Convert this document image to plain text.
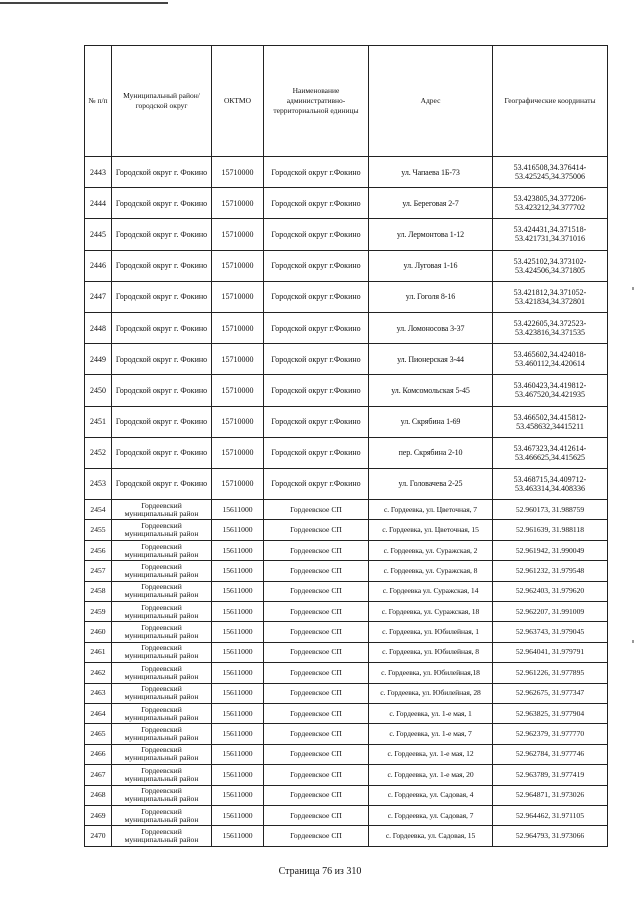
№ п/п	Муниципальный район/городской округ	ОКТМО	Наименование административно-территориальной единицы	Адрес	Географические координаты
2443	Городской округ г. Фокино	15710000	Городской округ г.Фокино	ул. Чапаева 1Б-73	53.416508,34.376414-53.425245,34.375006
2444	Городской округ г. Фокино	15710000	Городской округ г.Фокино	ул. Береговая 2-7	53.423805,34.377206-53.423212,34.377702
2445	Городской округ г. Фокино	15710000	Городской округ г.Фокино	ул. Лермонтова 1-12	53.424431,34.371518-53.421731,34.371016
2446	Городской округ г. Фокино	15710000	Городской округ г.Фокино	ул. Луговая 1-16	53.425102,34.373102-53.424506,34.371805
2447	Городской округ г. Фокино	15710000	Городской округ г.Фокино	ул. Гоголя 8-16	53.421812,34.371052-53.421834,34.372801
2448	Городской округ г. Фокино	15710000	Городской округ г.Фокино	ул. Ломоносова 3-37	53.422605,34.372523-53.423816,34.371535
2449	Городской округ г. Фокино	15710000	Городской округ г.Фокино	ул. Пионерская 3-44	53.465602,34.424018-53.460112,34.420614
2450	Городской округ г. Фокино	15710000	Городской округ г.Фокино	ул. Комсомольская 5-45	53.460423,34.419812-53.467520,34.421935
2451	Городской округ г. Фокино	15710000	Городской округ г.Фокино	ул. Скрябина 1-69	53.466502,34.415812-53.458632,34415211
2452	Городской округ г. Фокино	15710000	Городской округ г.Фокино	пер. Скрябина 2-10	53.467323,34.412614-53.466625,34.415625
2453	Городской округ г. Фокино	15710000	Городской округ г.Фокино	ул. Головачева 2-25	53.468715,34.409712-53.463314,34.408336
2454	Гордеевский муниципальный район	15611000	Гордеевское СП	с. Гордеевка, ул. Цветочная, 7	52.960173, 31.988759
2455	Гордеевский муниципальный район	15611000	Гордеевское СП	с. Гордеевка, ул. Цветочная, 15	52.961639, 31.988118
2456	Гордеевский муниципальный район	15611000	Гордеевское СП	с. Гордеевка, ул. Суражская, 2	52.961942, 31.990049
2457	Гордеевский муниципальный район	15611000	Гордеевское СП	с. Гордеевка, ул. Суражская, 8	52.961232, 31.979548
2458	Гордеевский муниципальный район	15611000	Гордеевское СП	с. Гордеевка ул. Суражская, 14	52.962403, 31.979620
2459	Гордеевский муниципальный район	15611000	Гордеевское СП	с. Гордеевка, ул. Суражская, 18	52.962207, 31.991009
2460	Гордеевский муниципальный район	15611000	Гордеевское СП	с. Гордеевка, ул. Юбилейная, 1	52.963743, 31.979045
2461	Гордеевский муниципальный район	15611000	Гордеевское СП	с. Гордеевка, ул. Юбилейная, 8	52.964041, 31.979791
2462	Гордеевский муниципальный район	15611000	Гордеевское СП	с. Гордеевка, ул. Юбилейная,18	52.961226, 31.977895
2463	Гордеевский муниципальный район	15611000	Гордеевское СП	с. Гордеевка, ул. Юбилейная, 28	52.962675, 31.977347
2464	Гордеевский муниципальный район	15611000	Гордеевское СП	с. Гордеевка, ул. 1-е мая, 1	52.963825, 31.977904
2465	Гордеевский муниципальный район	15611000	Гордеевское СП	с. Гордеевка, ул. 1-е мая, 7	52.962379, 31.977770
2466	Гордеевский муниципальный район	15611000	Гордеевское СП	с. Гордеевка, ул. 1-е мая, 12	52.962784, 31.977746
2467	Гордеевский муниципальный район	15611000	Гордеевское СП	с. Гордеевка, ул. 1-е мая, 20	52.963789, 31.977419
2468	Гордеевский муниципальный район	15611000	Гордеевское СП	с. Гордеевка, ул. Садовая, 4	52.964871, 31.973026
2469	Гордеевский муниципальный район	15611000	Гордеевское СП	с. Гордеевка, ул. Садовая, 7	52.964462, 31.971105
2470	Гордеевский муниципальный район	15611000	Гордеевское СП	с. Гордеевка, ул. Садовая, 15	52.964793, 31.973066
Страница 76 из 310
